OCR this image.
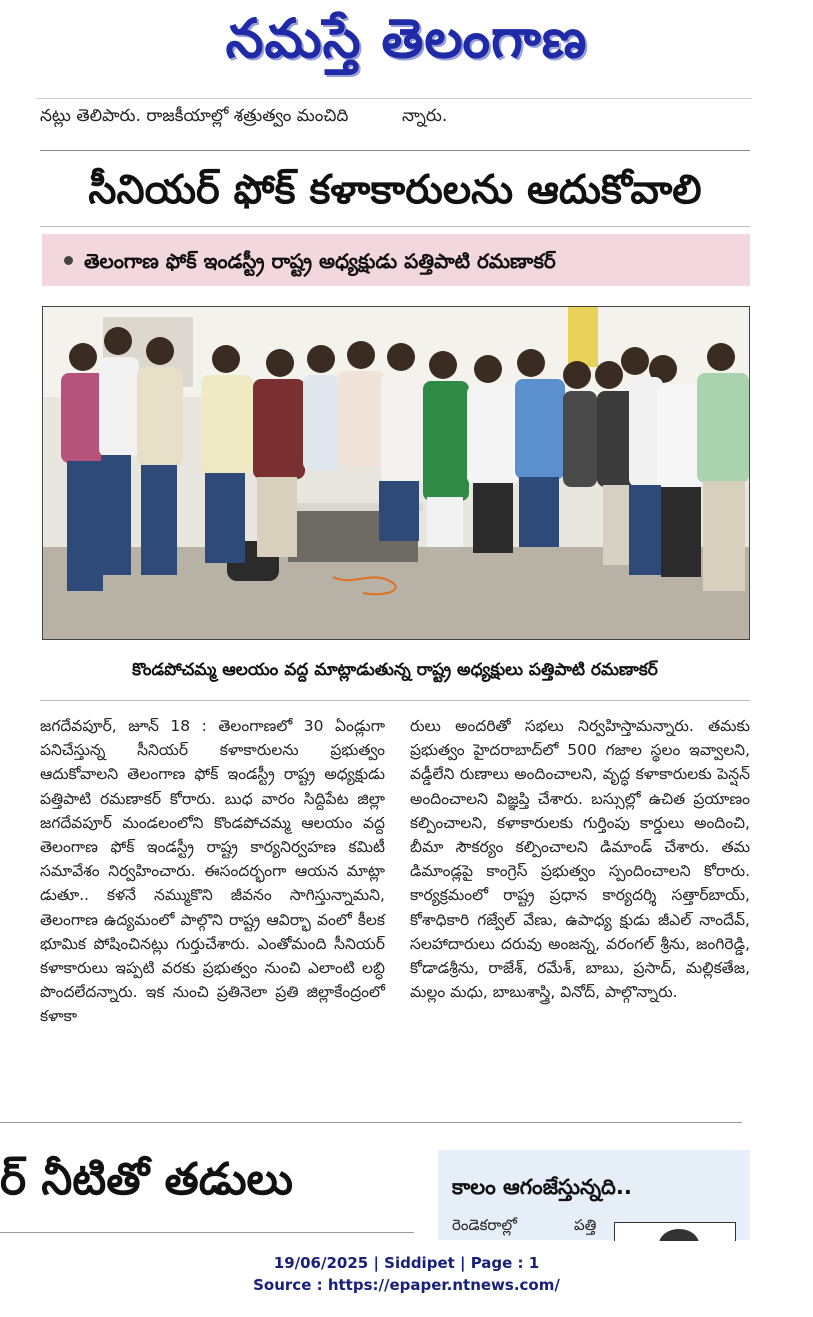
నమస్తే తెలంగాణ
నట్లు తెలిపారు. రాజకీయాల్లో శత్రుత్వం మంచిది	న్నారు.
సీనియర్ ఫోక్ కళాకారులను ఆదుకోవాలి
తెలంగాణ ఫోక్ ఇండస్ట్రీ రాష్ట్ర అధ్యక్షుడు పత్తిపాటి రమణాకర్
కొండపోచమ్మ ఆలయం వద్ద మాట్లాడుతున్న రాష్ట్ర అధ్యక్షులు పత్తిపాటి రమణాకర్

జగదేవపూర్, జూన్ 18 : తెలంగాణలో 30 ఏండ్లుగా పనిచేస్తున్న సీనియర్ కళాకారులను ప్రభుత్వం ఆదుకోవాలని తెలంగాణ ఫోక్ ఇండస్ట్రీ రాష్ట్ర అధ్యక్షుడు పత్తిపాటి రమణాకర్ కోరారు. బుధ వారం సిద్దిపేట జిల్లా జగదేవపూర్ మండలంలోని కొండపోచమ్మ ఆలయం వద్ద తెలంగాణ ఫోక్ ఇండస్ట్రీ రాష్ట్ర కార్యనిర్వహణ కమిటీ సమావేశం నిర్వహించారు. ఈసందర్భంగా ఆయన మాట్లా డుతూ.. కళనే నమ్ముకొని జీవనం సాగిస్తున్నామని, తెలంగాణ ఉద్యమంలో పాల్గొని రాష్ట్ర ఆవిర్భా వంలో కీలక భూమిక పోషించినట్లు గుర్తుచేశారు. ఎంతోమంది సీనియర్ కళాకారులు ఇప్పటి వరకు ప్రభుత్వం నుంచి ఎలాంటి లబ్ధి పొందలేదన్నారు. ఇక నుంచి ప్రతినెలా ప్రతి జిల్లాకేంద్రంలో కళాకా

రులు అందరితో సభలు నిర్వహిస్తామన్నారు. తమకు ప్రభుత్వం హైదరాబాద్‌లో 500 గజాల స్థలం ఇవ్వాలని, వడ్డీలేని రుణాలు అందించాలని, వృద్ధ కళాకారులకు పెన్షన్ అందించాలని విజ్ఞప్తి చేశారు. బస్సుల్లో ఉచిత ప్రయాణం కల్పించాలని, కళాకారులకు గుర్తింపు కార్డులు అందించి, బీమా సౌకర్యం కల్పించాలని డిమాండ్ చేశారు. తమ డిమాండ్లపై కాంగ్రెస్ ప్రభుత్వం స్పందించాలని కోరారు. కార్యక్రమంలో రాష్ట్ర ప్రధాన కార్యదర్శి సత్తార్‌బాయ్, కోశాధికారి గజ్వేల్ వేణు, ఉపాధ్య క్షుడు జీఎల్ నాందేవ్, సలహాదారులు దరువు అంజన్న, వరంగల్ శ్రీను, జంగిరెడ్డి, కోడాడశ్రీను, రాజేశ్, రమేశ్, బాబు, ప్రసాద్, మల్లికతేజ, మల్లం మధు, బాబుశాస్త్రి, వినోద్, పాల్గొన్నారు.

ర్ నీటితో తడులు	కాలం ఆగంజేస్తున్నది..
రెండెకరాల్లో	పత్తి
19/06/2025 | Siddipet | Page : 1
Source : https://epaper.ntnews.com/
